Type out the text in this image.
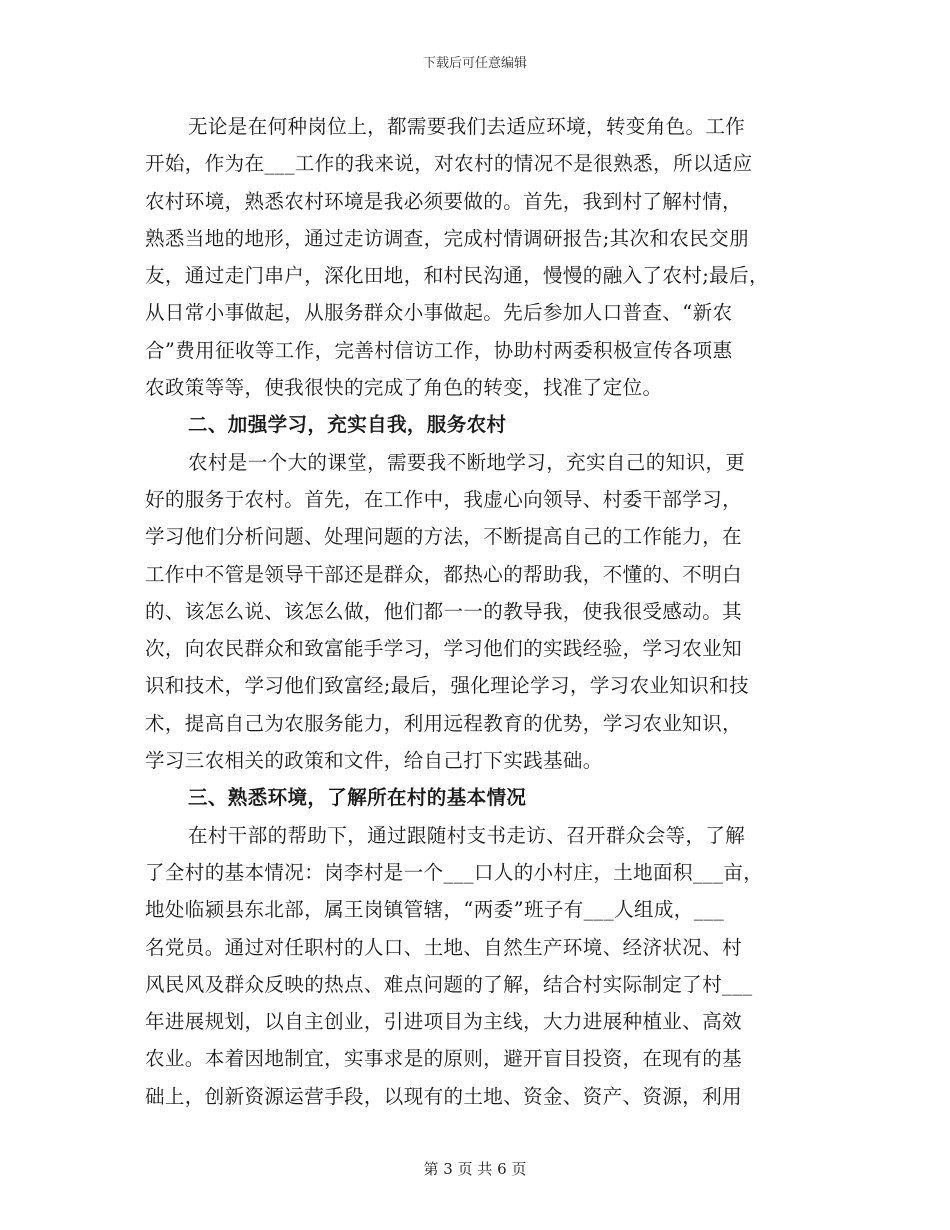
下载后可任意编辑
无论是在何种岗位上，都需要我们去适应环境，转变角色。工作
开始，作为在___工作的我来说，对农村的情况不是很熟悉，所以适应
农村环境，熟悉农村环境是我必须要做的。首先，我到村了解村情，
熟悉当地的地形，通过走访调查，完成村情调研报告;其次和农民交朋
友，通过走门串户，深化田地，和村民沟通，慢慢的融入了农村;最后，
从日常小事做起，从服务群众小事做起。先后参加人口普查、“新农
合”费用征收等工作，完善村信访工作，协助村两委积极宣传各项惠
农政策等等，使我很快的完成了角色的转变，找准了定位。
二、加强学习，充实自我，服务农村
农村是一个大的课堂，需要我不断地学习，充实自己的知识，更
好的服务于农村。首先，在工作中，我虚心向领导、村委干部学习，
学习他们分析问题、处理问题的方法，不断提高自己的工作能力，在
工作中不管是领导干部还是群众，都热心的帮助我，不懂的、不明白
的、该怎么说、该怎么做，他们都一一的教导我，使我很受感动。其
次，向农民群众和致富能手学习，学习他们的实践经验，学习农业知
识和技术，学习他们致富经;最后，强化理论学习，学习农业知识和技
术，提高自己为农服务能力，利用远程教育的优势，学习农业知识，
学习三农相关的政策和文件，给自己打下实践基础。
三、熟悉环境，了解所在村的基本情况
在村干部的帮助下，通过跟随村支书走访、召开群众会等，了解
了全村的基本情况：岗李村是一个___口人的小村庄，土地面积___亩，
地处临颍县东北部，属王岗镇管辖，“两委”班子有___人组成，___
名党员。通过对任职村的人口、土地、自然生产环境、经济状况、村
风民风及群众反映的热点、难点问题的了解，结合村实际制定了村___
年进展规划，以自主创业，引进项目为主线，大力进展种植业、高效
农业。本着因地制宜，实事求是的原则，避开盲目投资，在现有的基
础上，创新资源运营手段，以现有的土地、资金、资产、资源，利用
第 3 页 共 6 页
